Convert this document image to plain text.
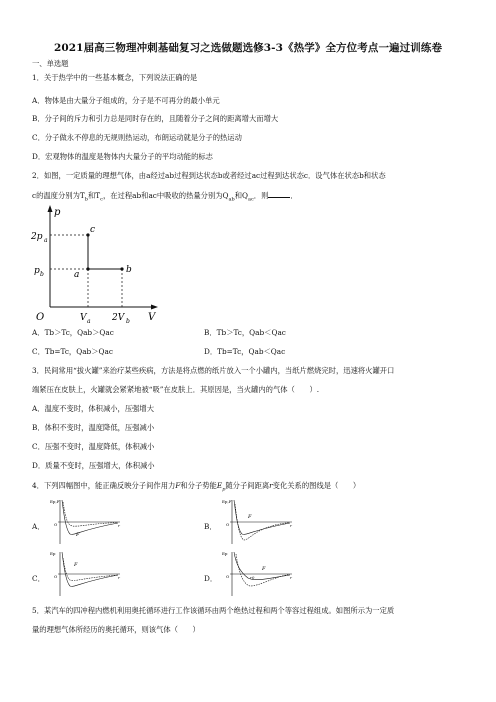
2021届高三物理冲刺基础复习之选做题选修3-3《热学》全方位考点一遍过训练卷
一、单选题
1．关于热学中的一些基本概念，下列说法正确的是
A．物体是由大量分子组成的，分子是不可再分的最小单元
B．分子间的斥力和引力总是同时存在的，且随着分子之间的距离增大而增大
C．分子做永不停息的无规则热运动，布朗运动就是分子的热运动
D．宏观物体的温度是物体内大量分子的平均动能的标志
2．如图，一定质量的理想气体，由a经过ab过程到达状态b或者经过ac过程到达状态c．设气体在状态b和状态
c的温度分别为$T_b$和$T_c$，在过程ab和ac中吸收的热量分别为$Q_{ab}$和$Q_{ac}$．则	．
p
V
O
2p a
p b
V a 2V b
a	b
c
A．Tb＞Tc，Qab＞Qac	B．Tb＞Tc，Qab＜Qac
C．Tb=Tc，Qab＞Qac	D．Tb=Tc，Qab＜Qac
3．民间常用“拔火罐”来治疗某些疾病，方法是将点燃的纸片放入一个小罐内，当纸片燃烧完时，迅速将火罐开口
端紧压在皮肤上，火罐就会紧紧地被“吸”在皮肤上．其原因是，当火罐内的气体（　　）.
A．温度不变时，体积减小，压强增大
B．体积不变时，温度降低，压强减小
C．压强不变时，温度降低，体积减小
D．质量不变时，压强增大，体积减小
4．下列四幅图中，能正确反映分子间作用力F和分子势能$E_p$随分子间距离r变化关系的图线是（　　）
A．
Ep,F
F
O	r	B．
Ep,F
F
O	r
C．
Ep
F
O	r	D．
Ep
F
O	r0	r
5．某汽车的四冲程内燃机利用奥托循环进行工作该循环由两个绝热过程和两个等容过程组成。如图所示为一定质
量的理想气体所经历的奥托循环，则该气体（　　）
